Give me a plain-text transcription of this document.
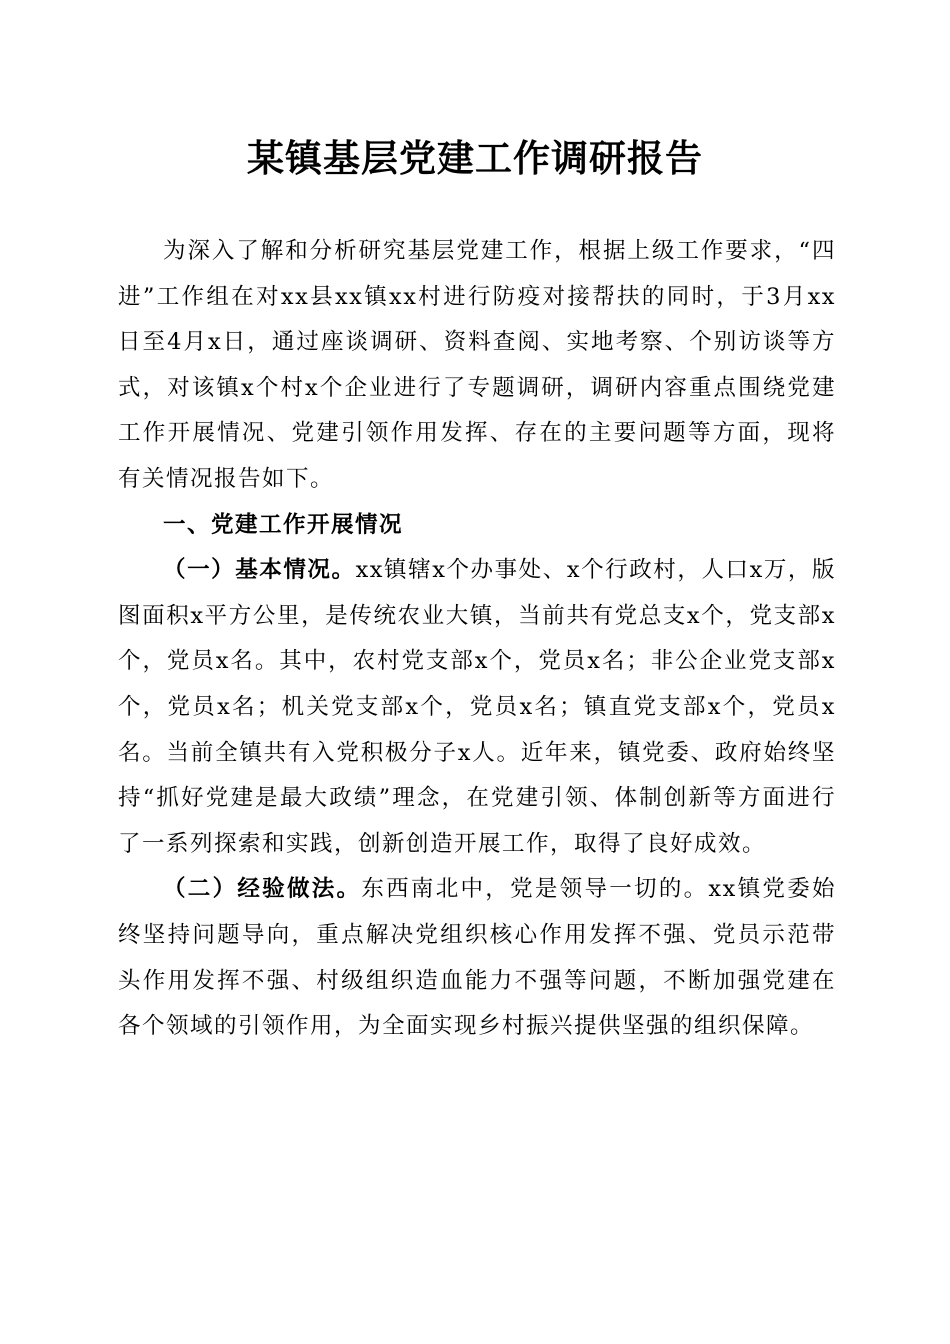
某镇基层党建工作调研报告

为深入了解和分析研究基层党建工作，根据上级工作要求，“四进”工作组在对xx县xx镇xx村进行防疫对接帮扶的同时，于3月xx日至4月x日，通过座谈调研、资料查阅、实地考察、个别访谈等方式，对该镇x个村x个企业进行了专题调研，调研内容重点围绕党建工作开展情况、党建引领作用发挥、存在的主要问题等方面，现将有关情况报告如下。

一、党建工作开展情况

（一）基本情况。xx镇辖x个办事处、x个行政村，人口x万，版图面积x平方公里，是传统农业大镇，当前共有党总支x个，党支部x个，党员x名。其中，农村党支部x个，党员x名；非公企业党支部x个，党员x名；机关党支部x个，党员x名；镇直党支部x个，党员x名。当前全镇共有入党积极分子x人。近年来，镇党委、政府始终坚持“抓好党建是最大政绩”理念，在党建引领、体制创新等方面进行了一系列探索和实践，创新创造开展工作，取得了良好成效。

（二）经验做法。东西南北中，党是领导一切的。xx镇党委始终坚持问题导向，重点解决党组织核心作用发挥不强、党员示范带头作用发挥不强、村级组织造血能力不强等问题，不断加强党建在各个领域的引领作用，为全面实现乡村振兴提供坚强的组织保障。
